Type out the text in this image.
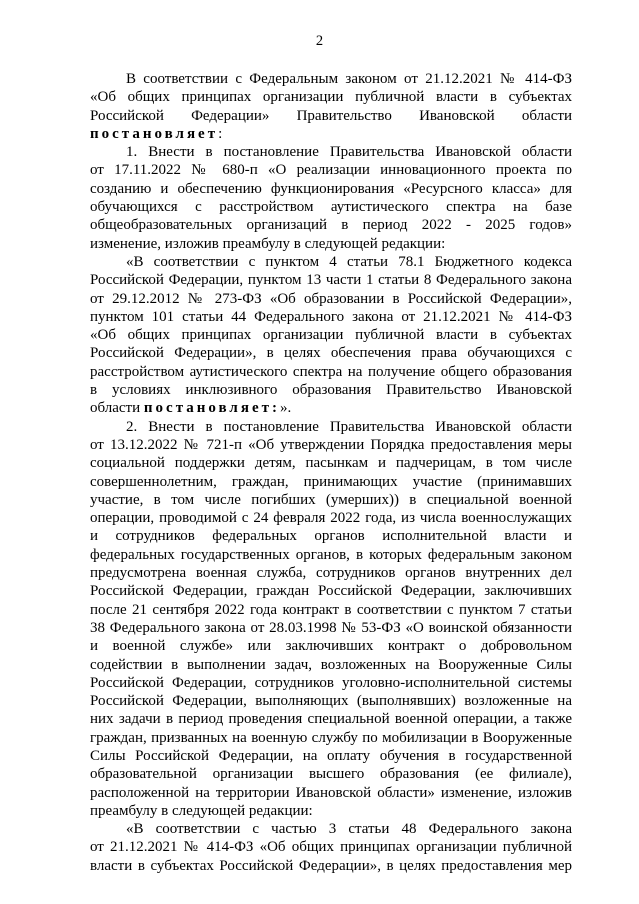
2
В соответствии с Федеральным законом от 21.12.2021 № 414-ФЗ
«Об общих принципах организации публичной власти в субъектах
Российской Федерации» Правительство Ивановской области
постановляет:
1. Внести в постановление Правительства Ивановской области
от 17.11.2022 № 680-п «О реализации инновационного проекта по
созданию и обеспечению функционирования «Ресурсного класса» для
обучающихся с расстройством аутистического спектра на базе
общеобразовательных организаций в период 2022 - 2025 годов»
изменение, изложив преамбулу в следующей редакции:
«В соответствии с пунктом 4 статьи 78.1 Бюджетного кодекса
Российской Федерации, пунктом 13 части 1 статьи 8 Федерального закона
от 29.12.2012 № 273-ФЗ «Об образовании в Российской Федерации»,
пунктом 101 статьи 44 Федерального закона от 21.12.2021 № 414-ФЗ
«Об общих принципах организации публичной власти в субъектах
Российской Федерации», в целях обеспечения права обучающихся с
расстройством аутистического спектра на получение общего образования
в условиях инклюзивного образования Правительство Ивановской
области постановляет:».
2. Внести в постановление Правительства Ивановской области
от 13.12.2022 № 721-п «Об утверждении Порядка предоставления меры
социальной поддержки детям, пасынкам и падчерицам, в том числе
совершеннолетним, граждан, принимающих участие (принимавших
участие, в том числе погибших (умерших)) в специальной военной
операции, проводимой с 24 февраля 2022 года, из числа военнослужащих
и сотрудников федеральных органов исполнительной власти и
федеральных государственных органов, в которых федеральным законом
предусмотрена военная служба, сотрудников органов внутренних дел
Российской Федерации, граждан Российской Федерации, заключивших
после 21 сентября 2022 года контракт в соответствии с пунктом 7 статьи
38 Федерального закона от 28.03.1998 № 53-ФЗ «О воинской обязанности
и военной службе» или заключивших контракт о добровольном
содействии в выполнении задач, возложенных на Вооруженные Силы
Российской Федерации, сотрудников уголовно-исполнительной системы
Российской Федерации, выполняющих (выполнявших) возложенные на
них задачи в период проведения специальной военной операции, а также
граждан, призванных на военную службу по мобилизации в Вооруженные
Силы Российской Федерации, на оплату обучения в государственной
образовательной организации высшего образования (ее филиале),
расположенной на территории Ивановской области» изменение, изложив
преамбулу в следующей редакции:
«В соответствии с частью 3 статьи 48 Федерального закона
от 21.12.2021 № 414-ФЗ «Об общих принципах организации публичной
власти в субъектах Российской Федерации», в целях предоставления мер
